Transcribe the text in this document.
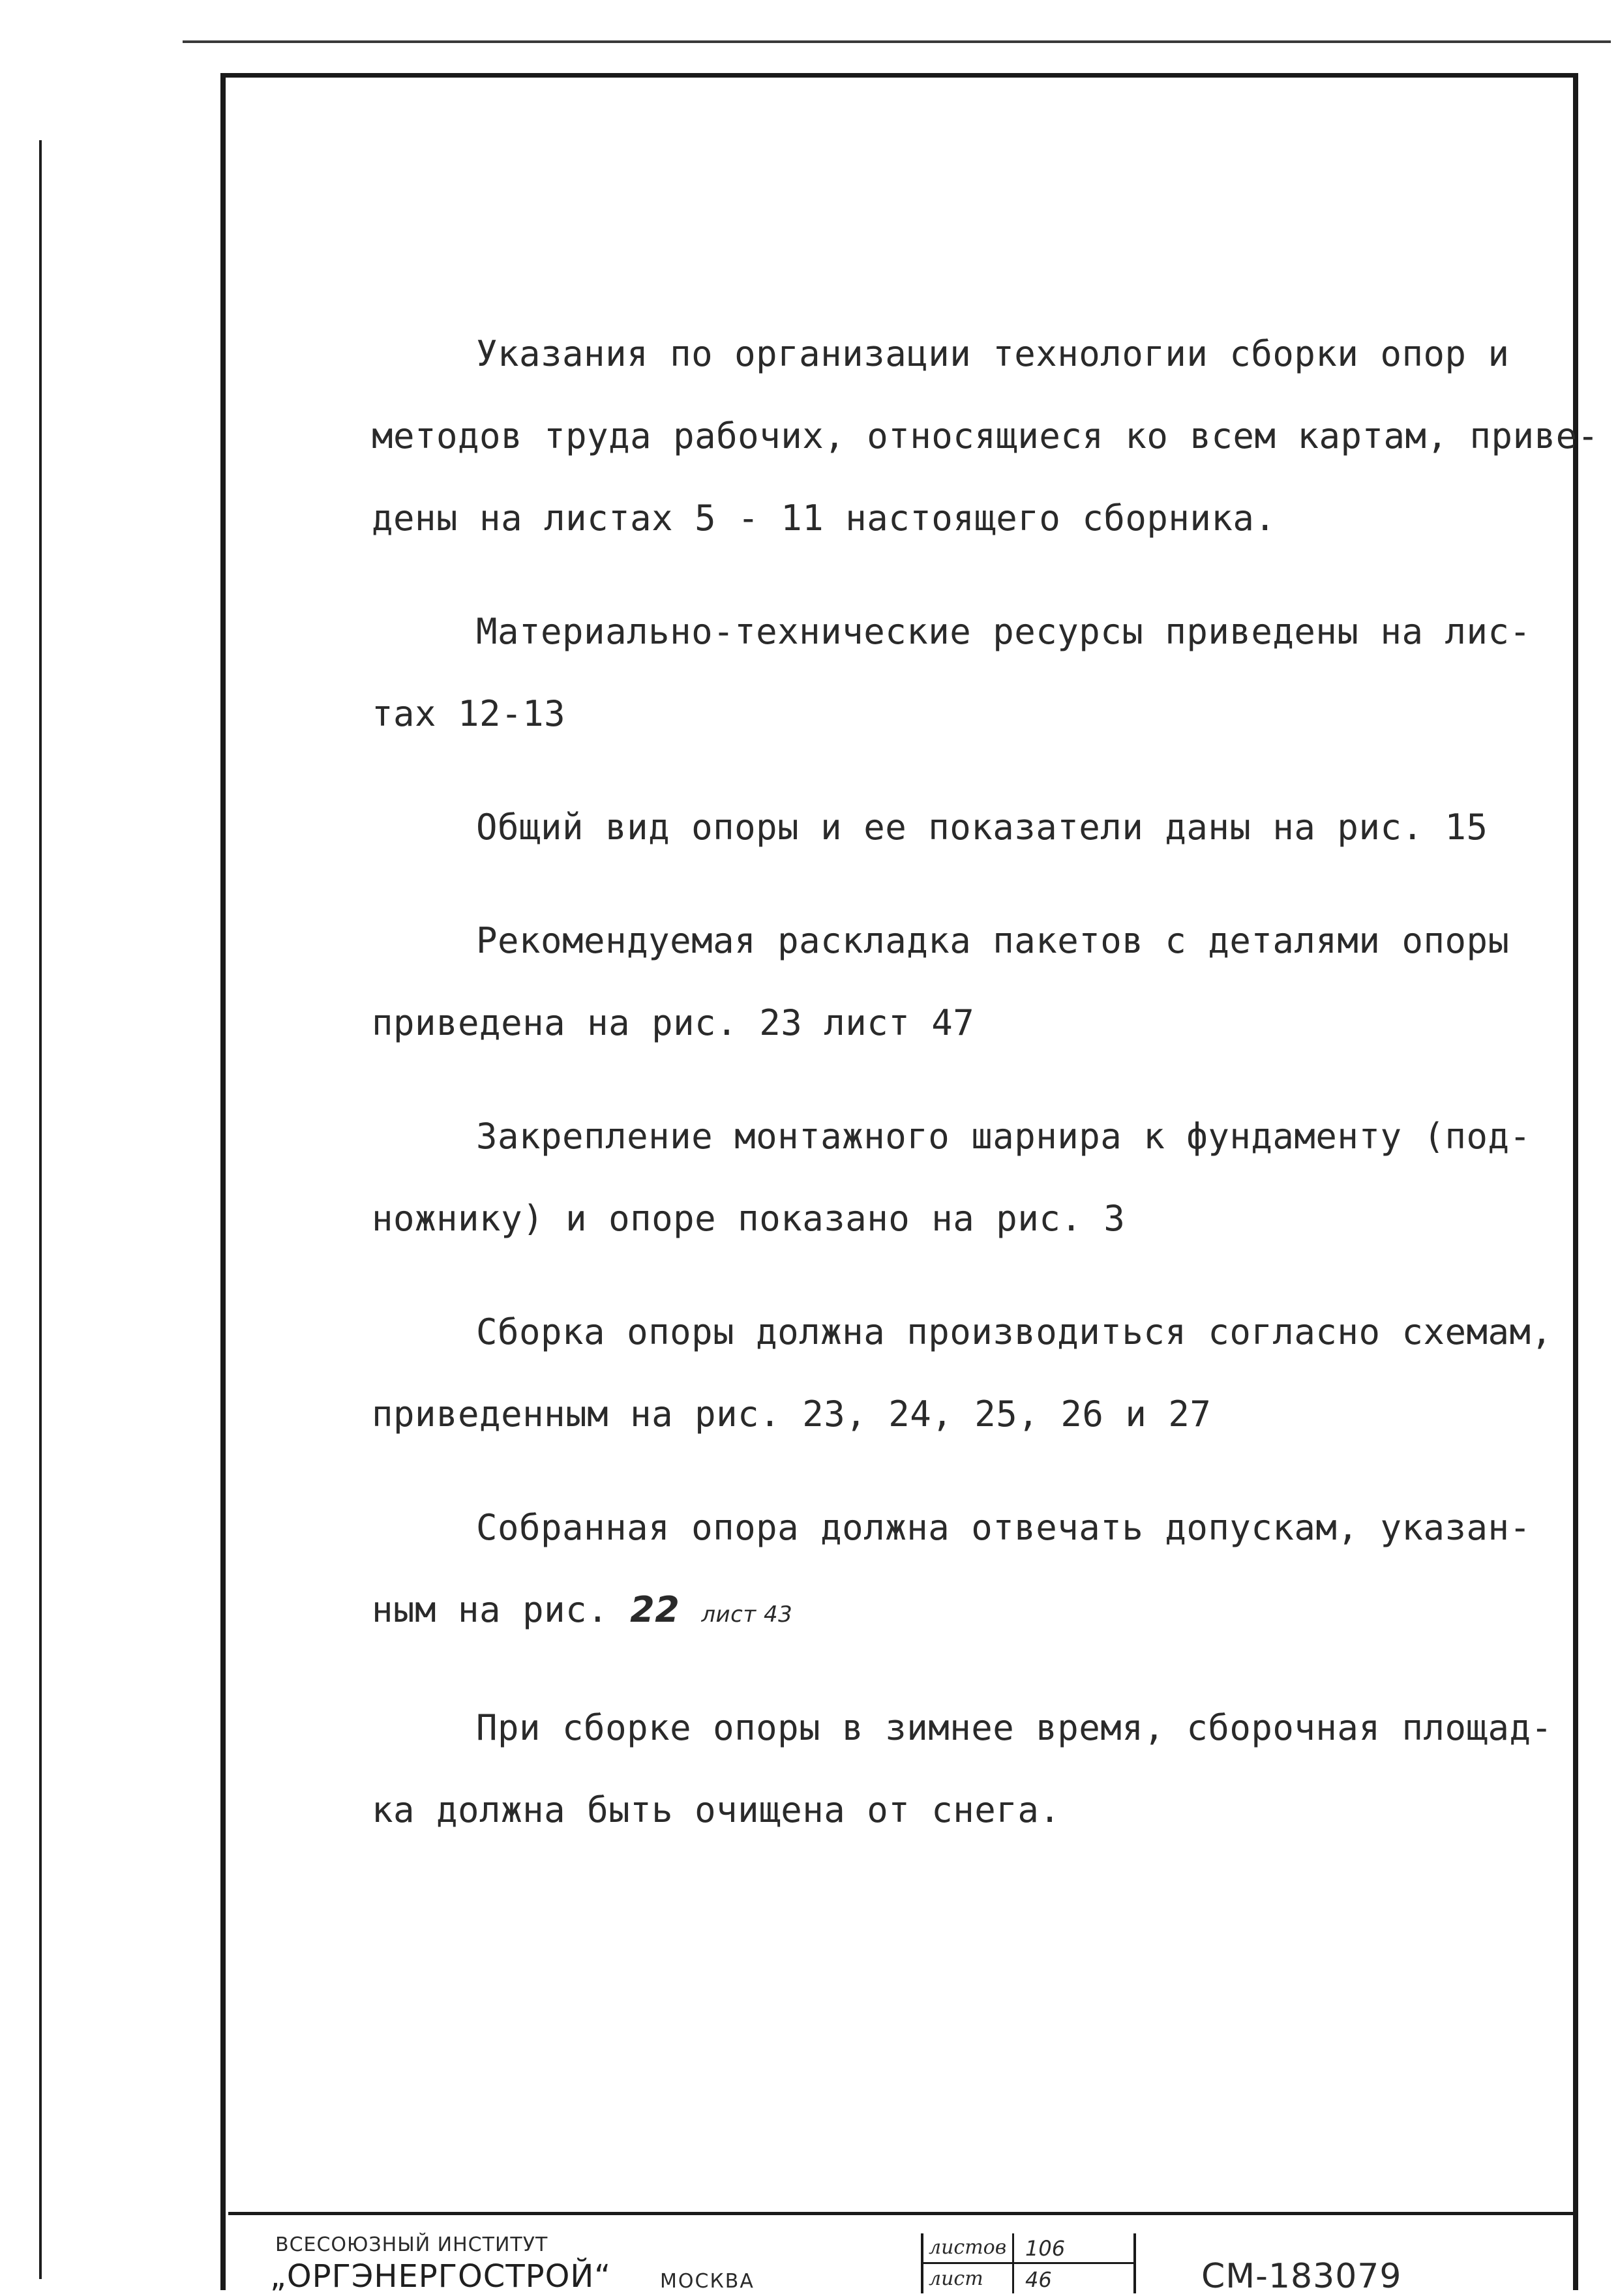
Указания по организации технологии сборки опор и
методов труда рабочих, относящиеся ко всем картам, приве-
дены на листах 5 - 11 настоящего сборника.

Материально-технические ресурсы приведены на лис-
тах 12-13

Общий вид опоры и ее показатели даны на рис. 15

Рекомендуемая раскладка пакетов с деталями опоры
приведена на рис. 23 лист 47

Закрепление монтажного шарнира к фундаменту (под-
ножнику) и опоре показано на рис. 3

Сборка опоры должна производиться согласно схемам,
приведенным на рис. 23, 24, 25, 26 и 27

Собранная опора должна отвечать допускам, указан-
ным на рис. 22 лист 43

При сборке опоры в зимнее время, сборочная площад-
ка должна быть очищена от снега.

ВСЕСОЮЗНЫЙ ИНСТИТУТ
„ОРГЭНЕРГОСТРОЙ“ МОСКВА
листов 106
лист 46	СМ-183079
